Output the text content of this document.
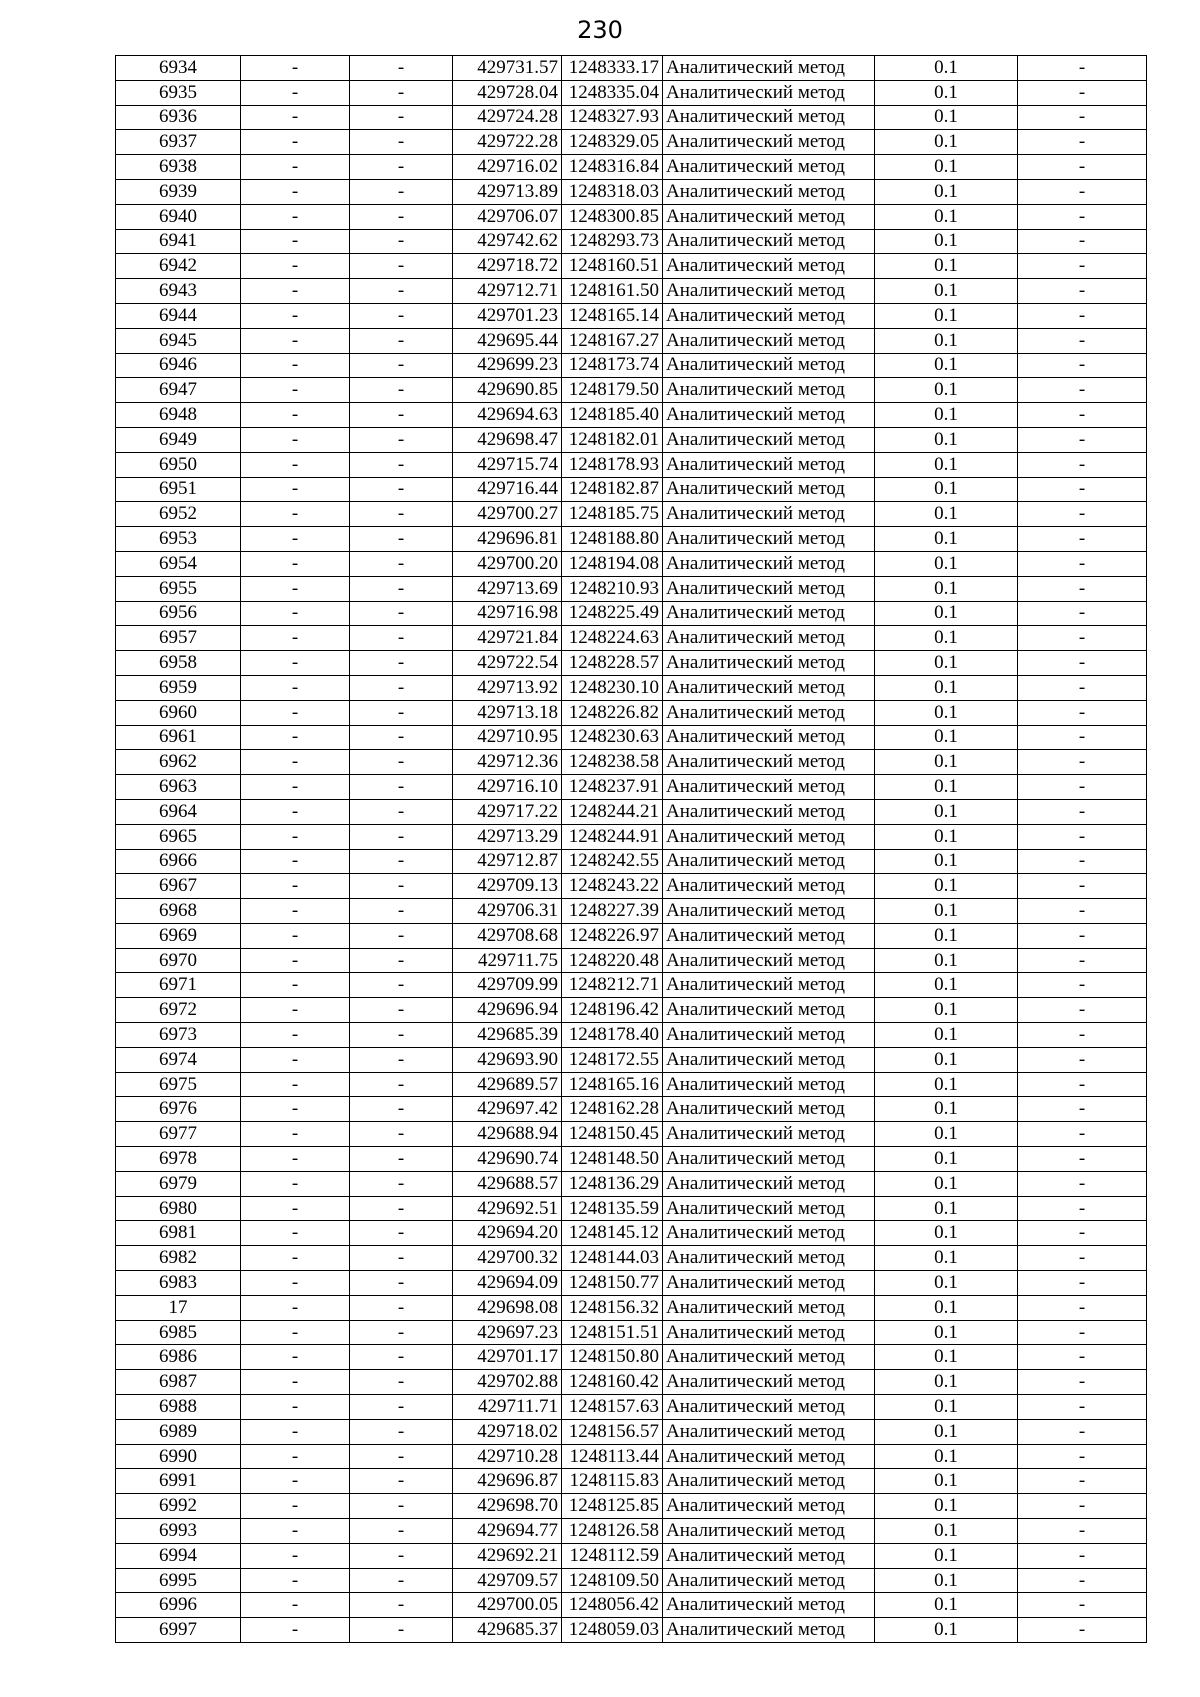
230
6934	-	-	429731.57	1248333.17	Аналитический метод	0.1	-
6935	-	-	429728.04	1248335.04	Аналитический метод	0.1	-
6936	-	-	429724.28	1248327.93	Аналитический метод	0.1	-
6937	-	-	429722.28	1248329.05	Аналитический метод	0.1	-
6938	-	-	429716.02	1248316.84	Аналитический метод	0.1	-
6939	-	-	429713.89	1248318.03	Аналитический метод	0.1	-
6940	-	-	429706.07	1248300.85	Аналитический метод	0.1	-
6941	-	-	429742.62	1248293.73	Аналитический метод	0.1	-
6942	-	-	429718.72	1248160.51	Аналитический метод	0.1	-
6943	-	-	429712.71	1248161.50	Аналитический метод	0.1	-
6944	-	-	429701.23	1248165.14	Аналитический метод	0.1	-
6945	-	-	429695.44	1248167.27	Аналитический метод	0.1	-
6946	-	-	429699.23	1248173.74	Аналитический метод	0.1	-
6947	-	-	429690.85	1248179.50	Аналитический метод	0.1	-
6948	-	-	429694.63	1248185.40	Аналитический метод	0.1	-
6949	-	-	429698.47	1248182.01	Аналитический метод	0.1	-
6950	-	-	429715.74	1248178.93	Аналитический метод	0.1	-
6951	-	-	429716.44	1248182.87	Аналитический метод	0.1	-
6952	-	-	429700.27	1248185.75	Аналитический метод	0.1	-
6953	-	-	429696.81	1248188.80	Аналитический метод	0.1	-
6954	-	-	429700.20	1248194.08	Аналитический метод	0.1	-
6955	-	-	429713.69	1248210.93	Аналитический метод	0.1	-
6956	-	-	429716.98	1248225.49	Аналитический метод	0.1	-
6957	-	-	429721.84	1248224.63	Аналитический метод	0.1	-
6958	-	-	429722.54	1248228.57	Аналитический метод	0.1	-
6959	-	-	429713.92	1248230.10	Аналитический метод	0.1	-
6960	-	-	429713.18	1248226.82	Аналитический метод	0.1	-
6961	-	-	429710.95	1248230.63	Аналитический метод	0.1	-
6962	-	-	429712.36	1248238.58	Аналитический метод	0.1	-
6963	-	-	429716.10	1248237.91	Аналитический метод	0.1	-
6964	-	-	429717.22	1248244.21	Аналитический метод	0.1	-
6965	-	-	429713.29	1248244.91	Аналитический метод	0.1	-
6966	-	-	429712.87	1248242.55	Аналитический метод	0.1	-
6967	-	-	429709.13	1248243.22	Аналитический метод	0.1	-
6968	-	-	429706.31	1248227.39	Аналитический метод	0.1	-
6969	-	-	429708.68	1248226.97	Аналитический метод	0.1	-
6970	-	-	429711.75	1248220.48	Аналитический метод	0.1	-
6971	-	-	429709.99	1248212.71	Аналитический метод	0.1	-
6972	-	-	429696.94	1248196.42	Аналитический метод	0.1	-
6973	-	-	429685.39	1248178.40	Аналитический метод	0.1	-
6974	-	-	429693.90	1248172.55	Аналитический метод	0.1	-
6975	-	-	429689.57	1248165.16	Аналитический метод	0.1	-
6976	-	-	429697.42	1248162.28	Аналитический метод	0.1	-
6977	-	-	429688.94	1248150.45	Аналитический метод	0.1	-
6978	-	-	429690.74	1248148.50	Аналитический метод	0.1	-
6979	-	-	429688.57	1248136.29	Аналитический метод	0.1	-
6980	-	-	429692.51	1248135.59	Аналитический метод	0.1	-
6981	-	-	429694.20	1248145.12	Аналитический метод	0.1	-
6982	-	-	429700.32	1248144.03	Аналитический метод	0.1	-
6983	-	-	429694.09	1248150.77	Аналитический метод	0.1	-
17	-	-	429698.08	1248156.32	Аналитический метод	0.1	-
6985	-	-	429697.23	1248151.51	Аналитический метод	0.1	-
6986	-	-	429701.17	1248150.80	Аналитический метод	0.1	-
6987	-	-	429702.88	1248160.42	Аналитический метод	0.1	-
6988	-	-	429711.71	1248157.63	Аналитический метод	0.1	-
6989	-	-	429718.02	1248156.57	Аналитический метод	0.1	-
6990	-	-	429710.28	1248113.44	Аналитический метод	0.1	-
6991	-	-	429696.87	1248115.83	Аналитический метод	0.1	-
6992	-	-	429698.70	1248125.85	Аналитический метод	0.1	-
6993	-	-	429694.77	1248126.58	Аналитический метод	0.1	-
6994	-	-	429692.21	1248112.59	Аналитический метод	0.1	-
6995	-	-	429709.57	1248109.50	Аналитический метод	0.1	-
6996	-	-	429700.05	1248056.42	Аналитический метод	0.1	-
6997	-	-	429685.37	1248059.03	Аналитический метод	0.1	-
